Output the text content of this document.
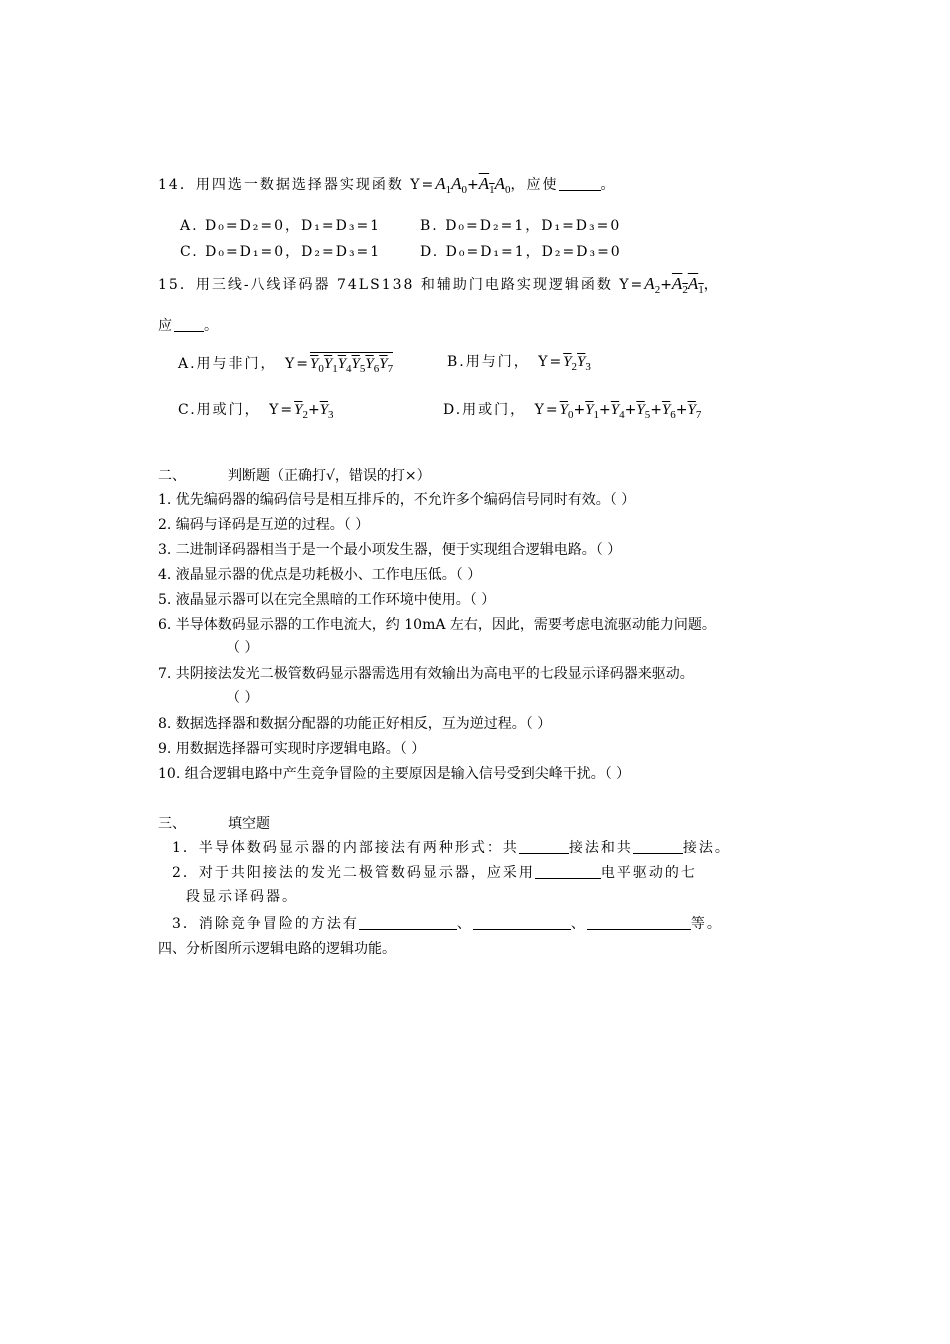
14．用四选一数据选择器实现函数 $Y=A_1A_0+\overline{A}_1A_0$，应使	。
A. D₀=D₂=0，D₁=D₃=1	B. D₀=D₂=1，D₁=D₃=0
C. D₀=D₁=0，D₂=D₃=1	D. D₀=D₁=1，D₂=D₃=0
15．用三线-八线译码器 74LS138 和辅助门电路实现逻辑函数 $Y=A_2+\overline{A}_2\overline{A}_1$，
应 。
A.用与非门， $Y=\overline{Y}_0\overline{Y}_1\overline{Y}_4\overline{Y}_5\overline{Y}_6\overline{Y}_7$	B.用与门， $Y=\overline{Y}_2\overline{Y}_3$
C.用或门， $Y=\overline{Y}_2+\overline{Y}_3$	D.用或门， $Y=\overline{Y}_0+\overline{Y}_1+\overline{Y}_4+\overline{Y}_5+\overline{Y}_6+\overline{Y}_7$
二、	判断题（正确打√，错误的打×）
1. 优先编码器的编码信号是相互排斥的，不允许多个编码信号同时有效。（ ）
2. 编码与译码是互逆的过程。（ ）
3. 二进制译码器相当于是一个最小项发生器，便于实现组合逻辑电路。（ ）
4. 液晶显示器的优点是功耗极小、工作电压低。（ ）
5. 液晶显示器可以在完全黑暗的工作环境中使用。（ ）
6. 半导体数码显示器的工作电流大，约 10mA 左右，因此，需要考虑电流驱动能力问题。
（ ）
7. 共阴接法发光二极管数码显示器需选用有效输出为高电平的七段显示译码器来驱动。
（ ）
8. 数据选择器和数据分配器的功能正好相反，互为逆过程。（ ）
9. 用数据选择器可实现时序逻辑电路。（ ）
10. 组合逻辑电路中产生竞争冒险的主要原因是输入信号受到尖峰干扰。（ ）
三、	填空题
1．半导体数码显示器的内部接法有两种形式：共	接法和共	接法。
2．对于共阳接法的发光二极管数码显示器，应采用	电平驱动的七
段显示译码器。
3．消除竞争冒险的方法有	、	、	等。
四、分析图所示逻辑电路的逻辑功能。
